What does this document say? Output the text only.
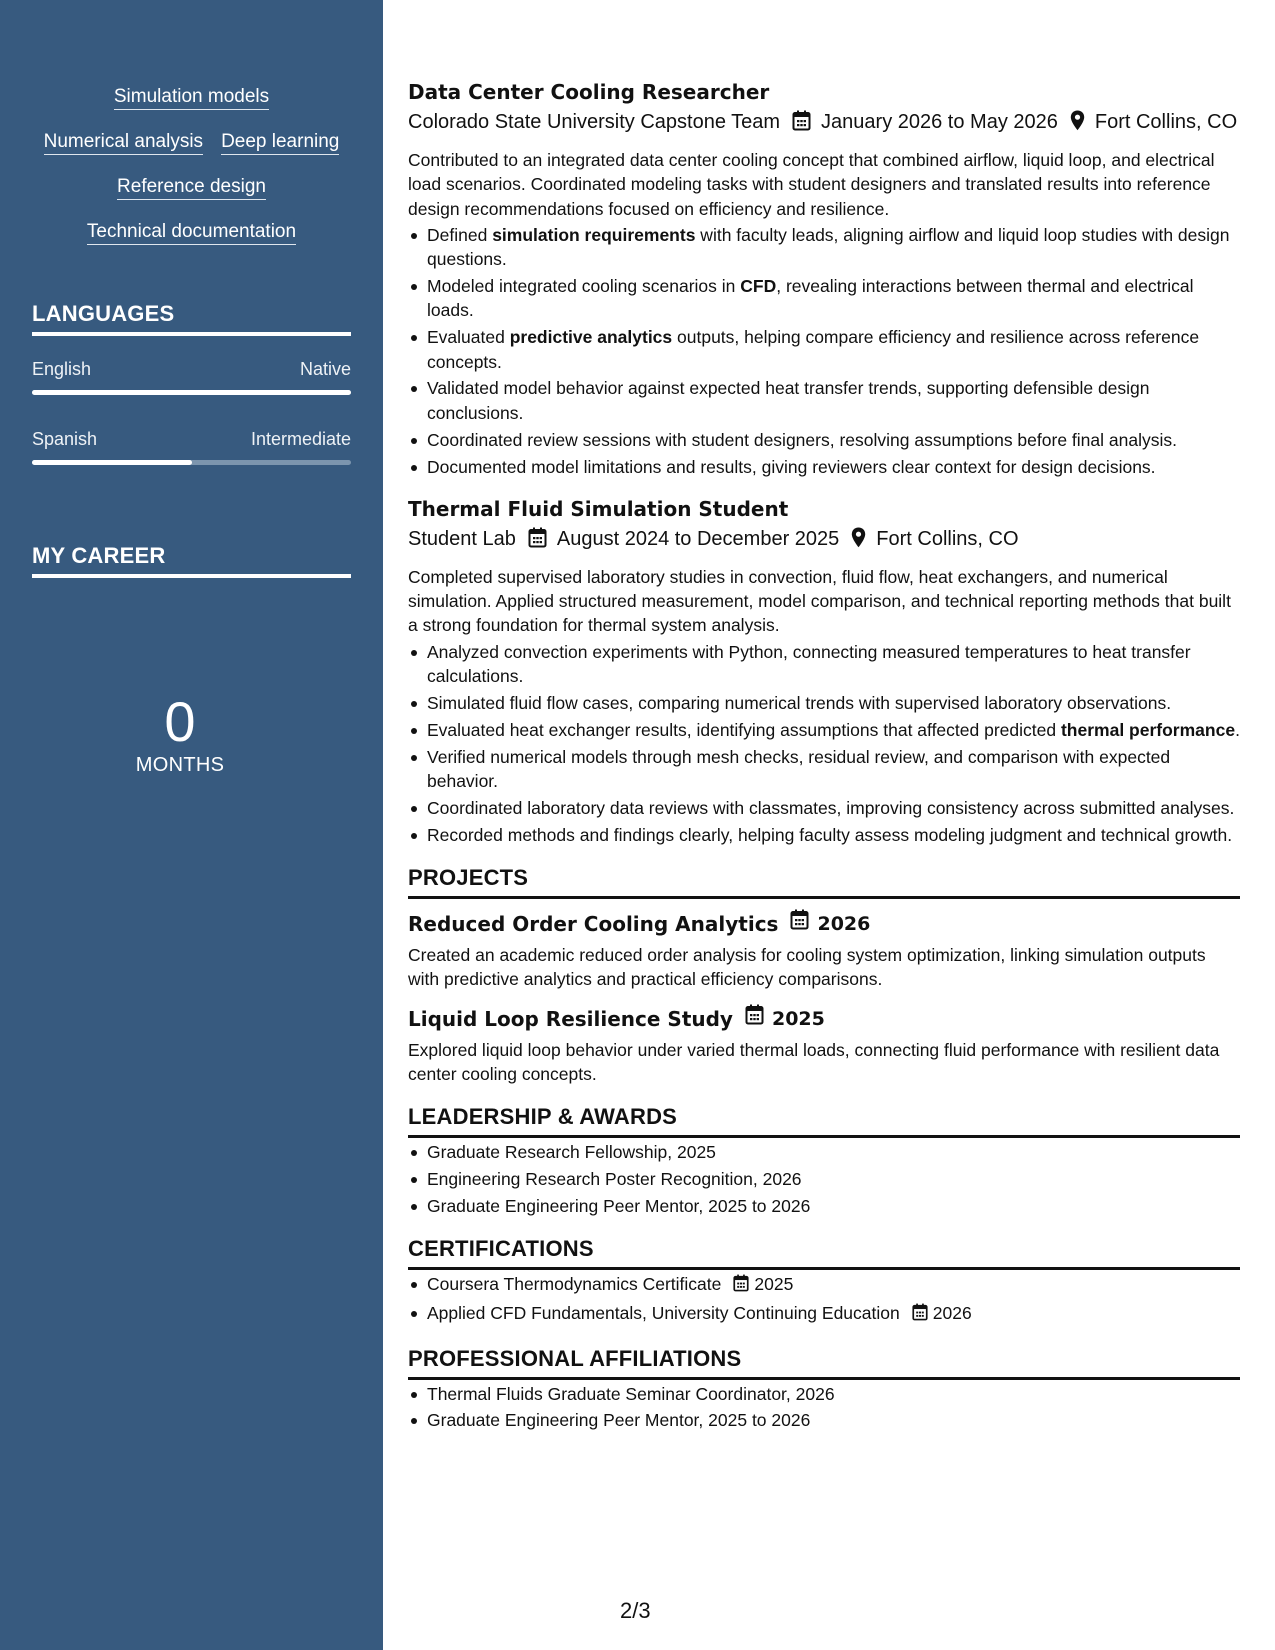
Simulation models
Numerical analysis Deep learning
Reference design
Technical documentation
LANGUAGES
English	Native
Spanish	Intermediate
MY CAREER
0
MONTHS
Data Center Cooling Researcher
Colorado State University Capstone Team January 2026 to May 2026 Fort Collins, CO
Contributed to an integrated data center cooling concept that combined airflow, liquid loop, and electrical load scenarios. Coordinated modeling tasks with student designers and translated results into reference design recommendations focused on efficiency and resilience.
Defined simulation requirements with faculty leads, aligning airflow and liquid loop studies with design questions.
Modeled integrated cooling scenarios in CFD, revealing interactions between thermal and electrical loads.
Evaluated predictive analytics outputs, helping compare efficiency and resilience across reference concepts.
Validated model behavior against expected heat transfer trends, supporting defensible design conclusions.
Coordinated review sessions with student designers, resolving assumptions before final analysis.
Documented model limitations and results, giving reviewers clear context for design decisions.
Thermal Fluid Simulation Student
Student Lab August 2024 to December 2025 Fort Collins, CO
Completed supervised laboratory studies in convection, fluid flow, heat exchangers, and numerical simulation. Applied structured measurement, model comparison, and technical reporting methods that built a strong foundation for thermal system analysis.
Analyzed convection experiments with Python, connecting measured temperatures to heat transfer calculations.
Simulated fluid flow cases, comparing numerical trends with supervised laboratory observations.
Evaluated heat exchanger results, identifying assumptions that affected predicted thermal performance.
Verified numerical models through mesh checks, residual review, and comparison with expected behavior.
Coordinated laboratory data reviews with classmates, improving consistency across submitted analyses.
Recorded methods and findings clearly, helping faculty assess modeling judgment and technical growth.
PROJECTS
Reduced Order Cooling Analytics 2026
Created an academic reduced order analysis for cooling system optimization, linking simulation outputs with predictive analytics and practical efficiency comparisons.
Liquid Loop Resilience Study 2025
Explored liquid loop behavior under varied thermal loads, connecting fluid performance with resilient data center cooling concepts.
LEADERSHIP & AWARDS
Graduate Research Fellowship, 2025
Engineering Research Poster Recognition, 2026
Graduate Engineering Peer Mentor, 2025 to 2026
CERTIFICATIONS
Coursera Thermodynamics Certificate 2025
Applied CFD Fundamentals, University Continuing Education 2026
PROFESSIONAL AFFILIATIONS
Thermal Fluids Graduate Seminar Coordinator, 2026
Graduate Engineering Peer Mentor, 2025 to 2026
2/3
